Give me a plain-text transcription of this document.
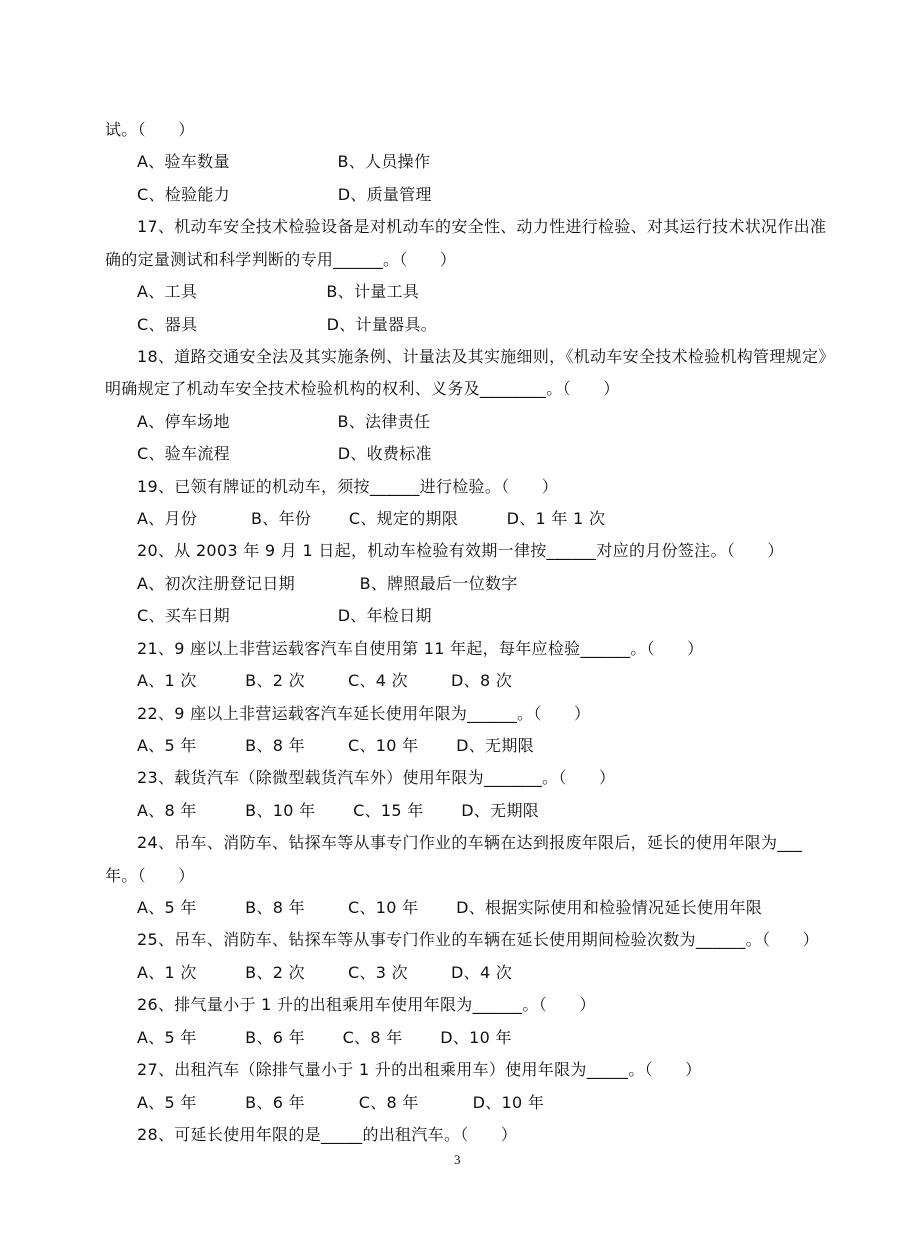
试。（      ）
A、验车数量                    B、人员操作
C、检验能力                    D、质量管理
17、机动车安全技术检验设备是对机动车的安全性、动力性进行检验、对其运行技术状况作出准
确的定量测试和科学判断的专用______。（      ）
A、工具                        B、计量工具
C、器具                        D、计量器具。
18、道路交通安全法及其实施条例、计量法及其实施细则，《机动车安全技术检验机构管理规定》
明确规定了机动车安全技术检验机构的权利、义务及________。（      ）
A、停车场地                    B、法律责任
C、验车流程                    D、收费标准
19、已领有牌证的机动车，须按______进行检验。（      ）
A、月份          B、年份       C、规定的期限         D、1 年 1 次
20、从 2003 年 9 月 1 日起，机动车检验有效期一律按______对应的月份签注。（      ）
A、初次注册登记日期            B、牌照最后一位数字
C、买车日期                    D、年检日期
21、9 座以上非营运载客汽车自使用第 11 年起，每年应检验______。（      ）
A、1 次         B、2 次        C、4 次        D、8 次
22、9 座以上非营运载客汽车延长使用年限为______。（      ）
A、5 年         B、8 年        C、10 年       D、无期限
23、载货汽车（除微型载货汽车外）使用年限为_______。（      ）
A、8 年         B、10 年       C、15 年       D、无期限
24、吊车、消防车、钻探车等从事专门作业的车辆在达到报废年限后，延长的使用年限为___
年。（      ）
A、5 年         B、8 年        C、10 年       D、根据实际使用和检验情况延长使用年限
25、吊车、消防车、钻探车等从事专门作业的车辆在延长使用期间检验次数为______。（      ）
A、1 次         B、2 次        C、3 次        D、4 次
26、排气量小于 1 升的出租乘用车使用年限为______。（      ）
A、5 年         B、6 年       C、8 年       D、10 年
27、出租汽车（除排气量小于 1 升的出租乘用车）使用年限为_____。（      ）
A、5 年         B、6 年          C、8 年          D、10 年
28、可延长使用年限的是_____的出租汽车。（      ）
3
